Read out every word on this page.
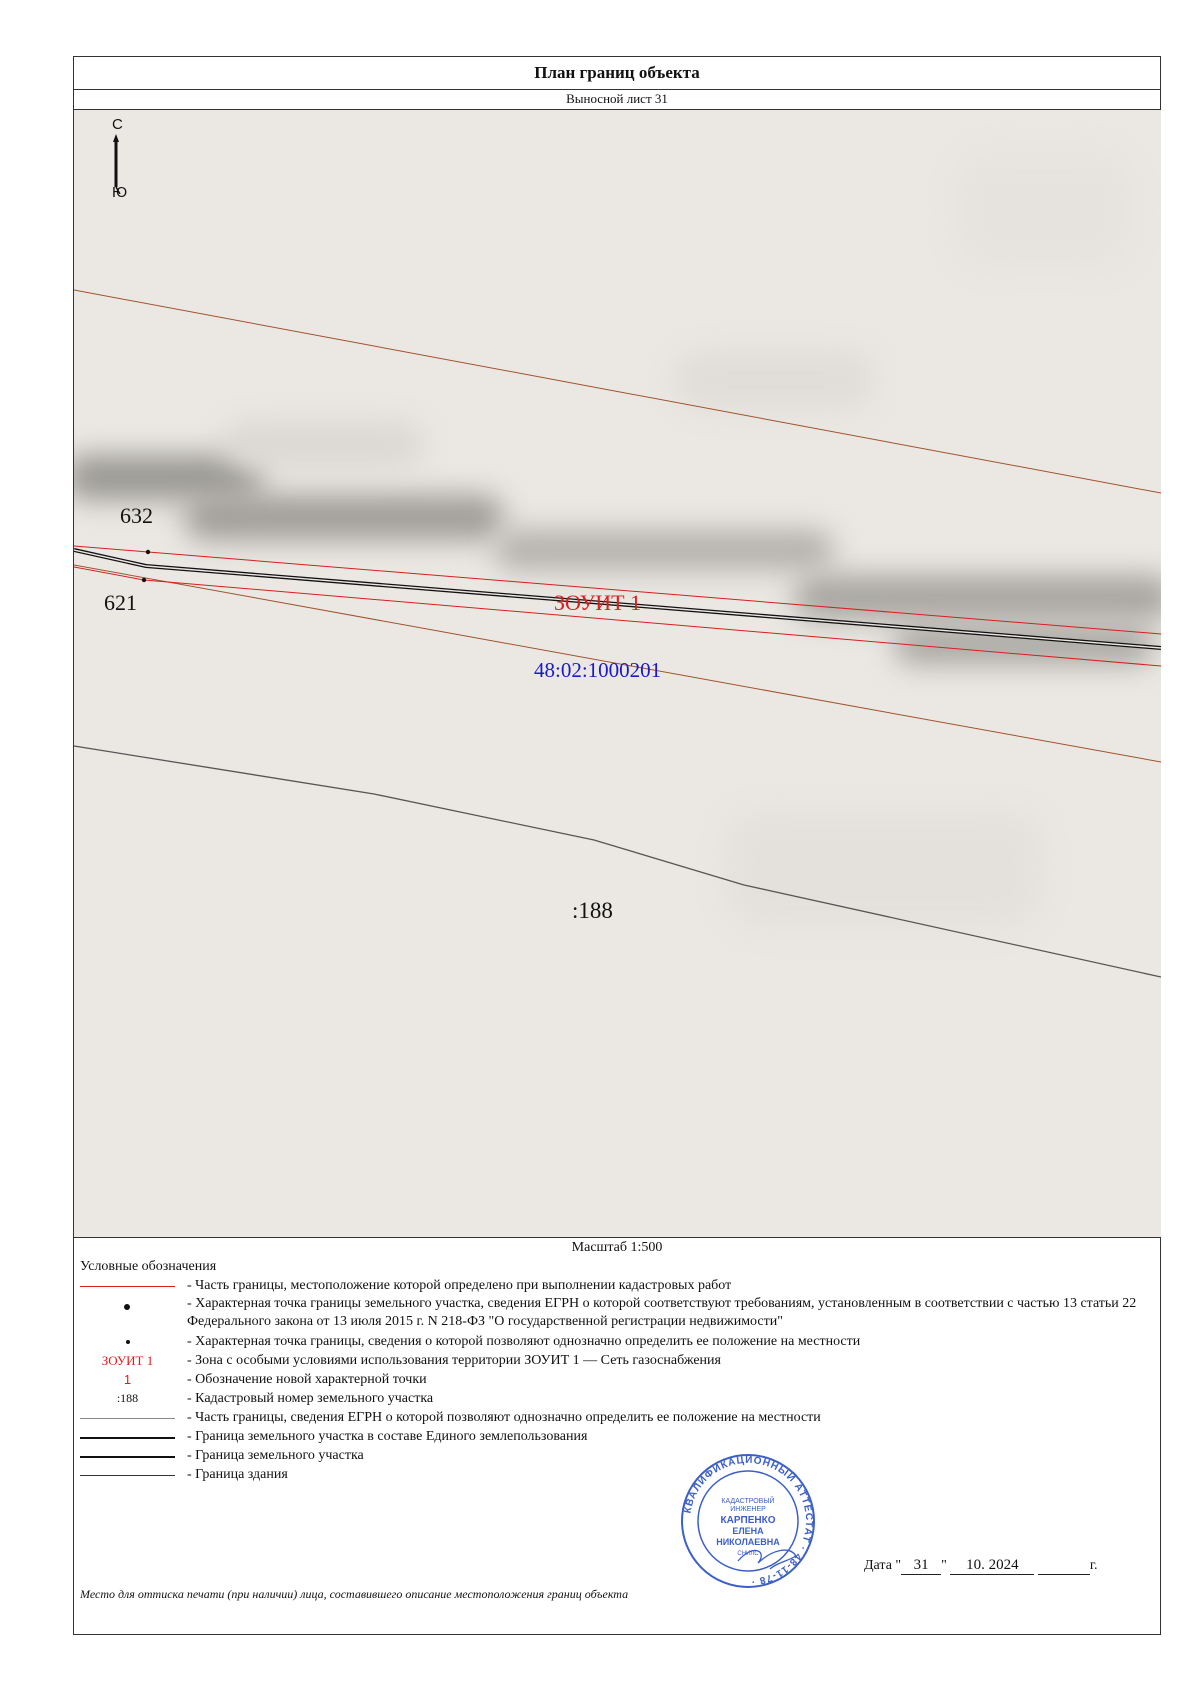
План границ объекта
Выносной лист 31
С
Ю
632
621	ЗОУИТ 1
48:02:1000201
:188
Масштаб 1:500
Условные обозначения
- Часть границы, местоположение которой определено при выполнении кадастровых работ
- Характерная точка границы земельного участка, сведения ЕГРН о которой соответствуют требованиям, установленным в соответствии с частью 13 статьи 22 Федерального закона от 13 июля 2015 г. N 218-ФЗ "О государственной регистрации недвижимости"
- Характерная точка границы, сведения о которой позволяют однозначно определить ее положение на местности
ЗОУИТ 1	- Зона с особыми условиями использования территории ЗОУИТ 1 — Сеть газоснабжения
1	- Обозначение новой характерной точки
:188	- Кадастровый номер земельного участка
- Часть границы, сведения ЕГРН о которой позволяют однозначно определить ее положение на местности
- Граница земельного участка в составе Единого землепользования
- Граница земельного участка
- Граница здания
КВАЛИФИКАЦИОННЫЙ АТТЕСТАТ · 48-11-78 ·
КАДАСТРОВЫЙ
ИНЖЕНЕР
КАРПЕНКО
ЕЛЕНА
НИКОЛАЕВНА
СНИЛС
Дата " 31 " 10. 2024	г.
Место для оттиска печати (при наличии) лица, составившего описание местоположения границ объекта
